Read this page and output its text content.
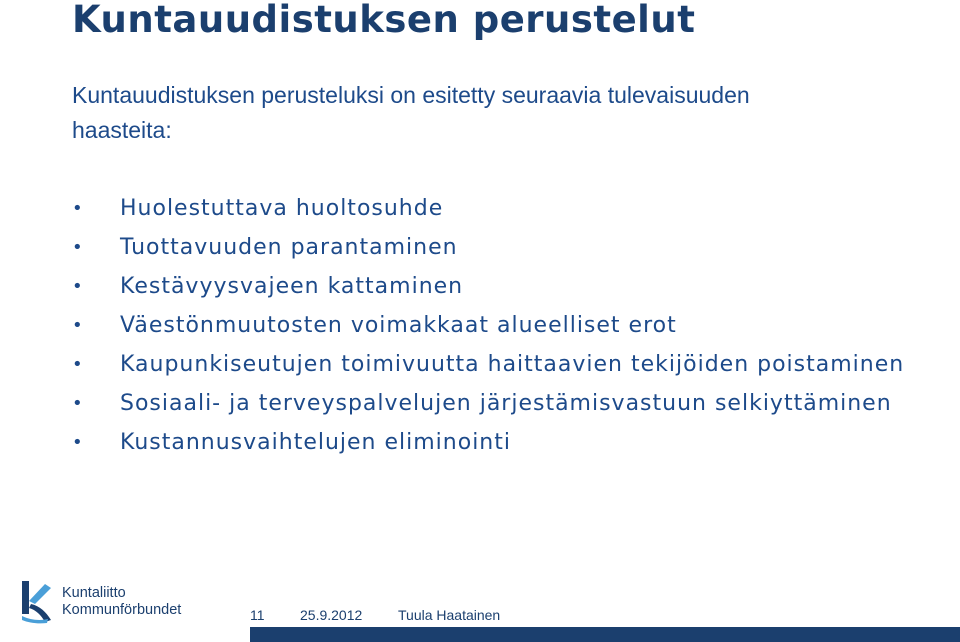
Kuntauudistuksen perustelut

Kuntauudistuksen perusteluksi on esitetty seuraavia tulevaisuuden haasteita:

•	Huolestuttava huoltosuhde
•	Tuottavuuden parantaminen
•	Kestävyysvajeen kattaminen
•	Väestönmuutosten voimakkaat alueelliset erot
•	Kaupunkiseutujen toimivuutta haittaavien tekijöiden poistaminen
•	Sosiaali- ja terveyspalvelujen järjestämisvastuun selkiyttäminen
•	Kustannusvaihtelujen eliminointi
Kuntaliitto
Kommunförbundet	11	25.9.2012	Tuula Haatainen
